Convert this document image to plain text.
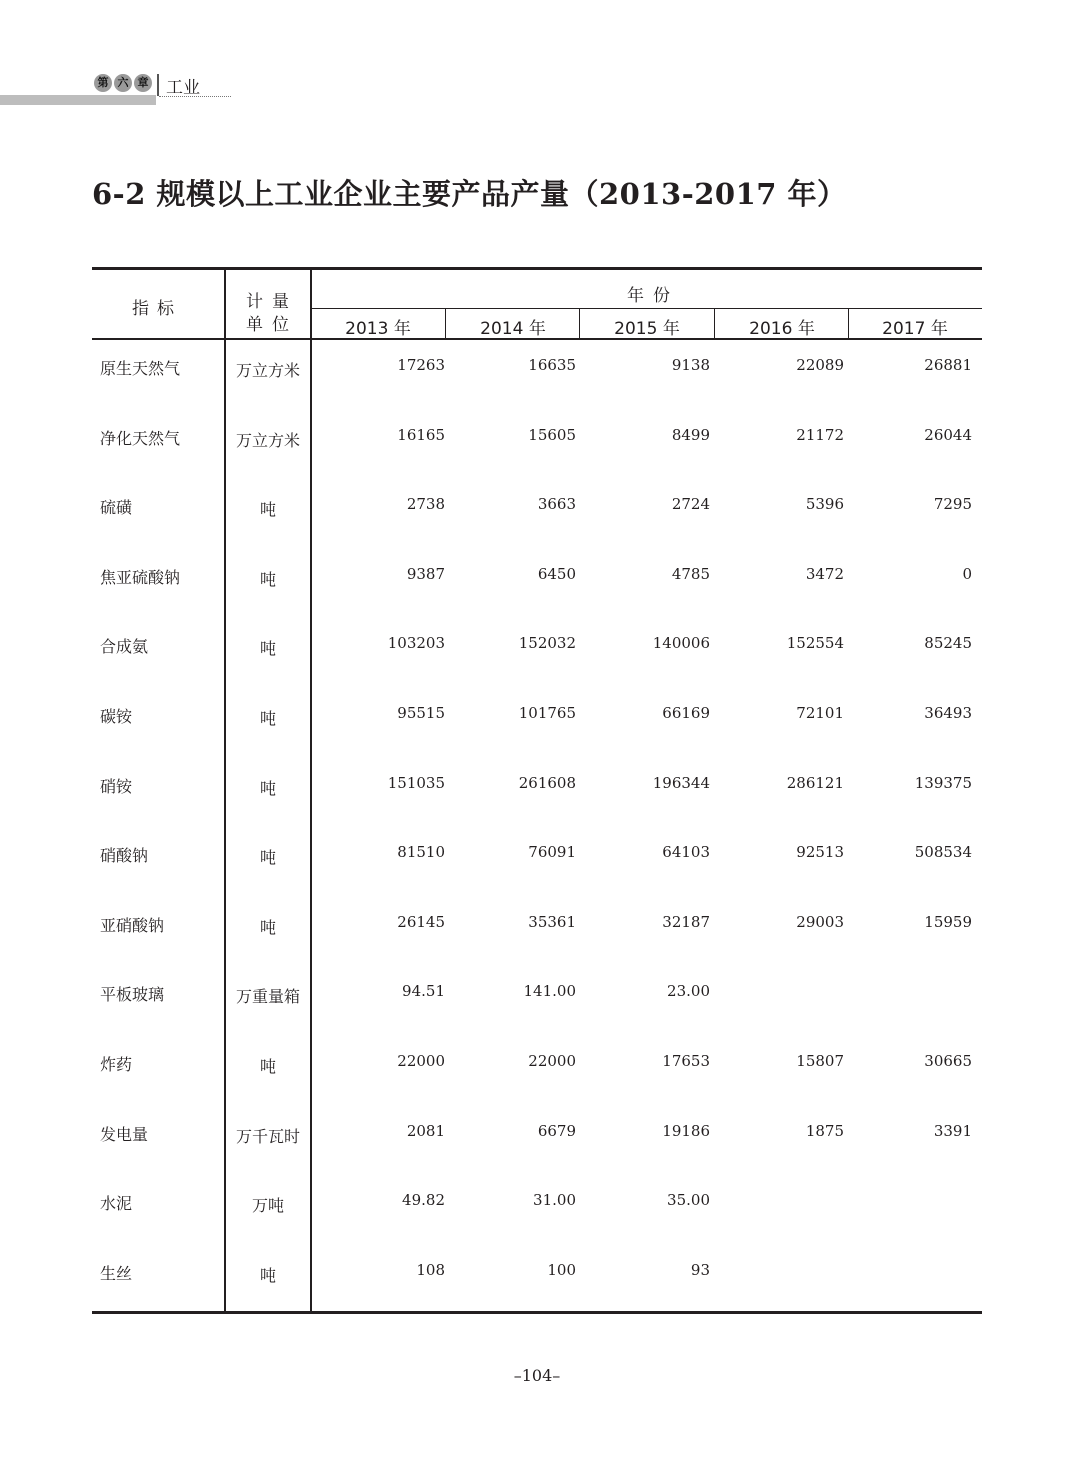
第 六 章 工业
6-2 规模以上工业企业主要产品产量（2013-2017 年）
指标	计量
单位
年份
2013 年	2014 年	2015 年	2016 年	2017 年
原生天然气	万立方米	17263	16635	9138	22089	26881
净化天然气	万立方米	16165	15605	8499	21172	26044
硫磺	吨	2738	3663	2724	5396	7295
焦亚硫酸钠	吨	9387	6450	4785	3472	0
合成氨	吨	103203	152032	140006	152554	85245
碳铵	吨	95515	101765	66169	72101	36493
硝铵	吨	151035	261608	196344	286121	139375
硝酸钠	吨	81510	76091	64103	92513	508534
亚硝酸钠	吨	26145	35361	32187	29003	15959
平板玻璃	万重量箱	94.51	141.00	23.00
炸药	吨	22000	22000	17653	15807	30665
发电量	万千瓦时	2081	6679	19186	1875	3391
水泥	万吨	49.82	31.00	35.00
生丝	吨	108	100	93
–104–
